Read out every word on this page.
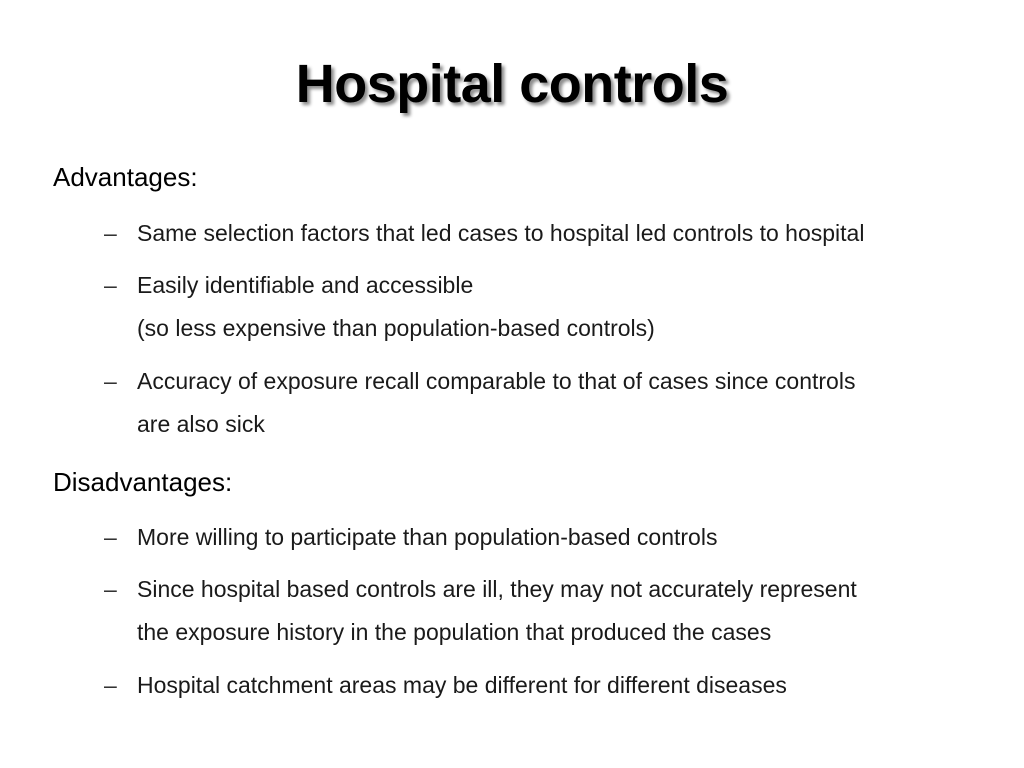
Hospital controls
Advantages:
– Same selection factors that led cases to hospital led controls to hospital
– Easily identifiable and accessible
(so less expensive than population-based controls)
– Accuracy of exposure recall comparable to that of cases since controls
are also sick
Disadvantages:
– More willing to participate than population-based controls
– Since hospital based controls are ill, they may not accurately represent
the exposure history in the population that produced the cases
– Hospital catchment areas may be different for different diseases
